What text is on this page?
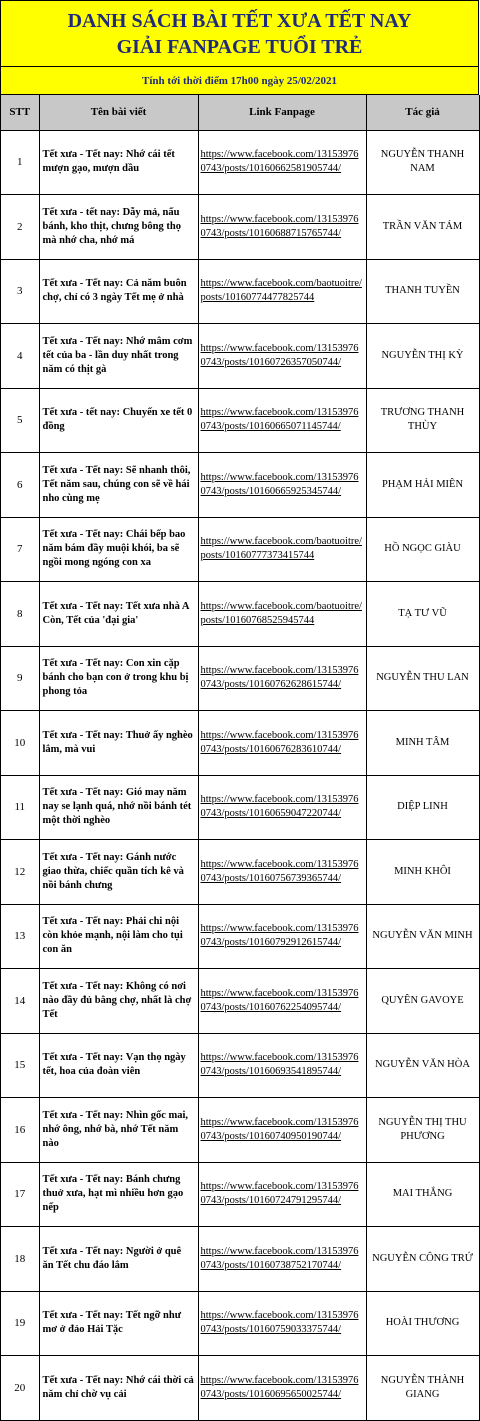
DANH SÁCH BÀI TẾT XƯA TẾT NAY
GIẢI FANPAGE TUỔI TRẺ
Tính tới thời điểm 17h00 ngày 25/02/2021
STT	Tên bài viết	Link Fanpage	Tác giả
1	Tết xưa - Tết nay: Nhớ cái tết mượn gạo, mượn dầu	https://www.facebook.com/131539760743/posts/10160662581905744/	NGUYỄN THANH NAM
2	Tết xưa - tết nay: Dẫy mả, nấu bánh, kho thịt, chưng bông thọ mà nhớ cha, nhớ má	https://www.facebook.com/131539760743/posts/10160688715765744/	TRẦN VĂN TÁM
3	Tết xưa - Tết nay: Cả năm buôn chợ, chỉ có 3 ngày Tết mẹ ở nhà	https://www.facebook.com/baotuoitre/posts/10160774477825744	THANH TUYỀN
4	Tết xưa - Tết nay: Nhớ mâm cơm tết của ba - lần duy nhất trong năm có thịt gà	https://www.facebook.com/131539760743/posts/10160726357050744/	NGUYỄN THỊ KỲ
5	Tết xưa - tết nay: Chuyến xe tết 0 đồng	https://www.facebook.com/131539760743/posts/10160665071145744/	TRƯƠNG THANH THÙY
6	Tết xưa - Tết nay: Sẽ nhanh thôi, Tết năm sau, chúng con sẽ về hái nho cùng mẹ	https://www.facebook.com/131539760743/posts/10160665925345744/	PHẠM HẢI MIÊN
7	Tết xưa - Tết nay: Chái bếp bao năm bám đầy muội khói, ba sẽ ngồi mong ngóng con xa	https://www.facebook.com/baotuoitre/posts/10160777373415744	HỒ NGỌC GIÀU
8	Tết xưa - Tết nay: Tết xưa nhà A Còn, Tết của 'đại gia'	https://www.facebook.com/baotuoitre/posts/10160768525945744	TẠ TƯ VŨ
9	Tết xưa - Tết nay: Con xin cặp bánh cho bạn con ở trong khu bị phong tỏa	https://www.facebook.com/131539760743/posts/10160762628615744/	NGUYỄN THU LAN
10	Tết xưa - Tết nay: Thuở ấy nghèo lắm, mà vui	https://www.facebook.com/131539760743/posts/10160676283610744/	MINH TÂM
11	Tết xưa - Tết nay: Gió may năm nay se lạnh quá, nhớ nồi bánh tét một thời nghèo	https://www.facebook.com/131539760743/posts/10160659047220744/	DIỆP LINH
12	Tết xưa - Tết nay: Gánh nước giao thừa, chiếc quần tích kê và nồi bánh chưng	https://www.facebook.com/131539760743/posts/10160756739365744/	MINH KHÔI
13	Tết xưa - Tết nay: Phải chi nội còn khỏe mạnh, nội làm cho tụi con ăn	https://www.facebook.com/131539760743/posts/10160792912615744/	NGUYỄN VĂN MINH
14	Tết xưa - Tết nay: Không có nơi nào đầy đủ bằng chợ, nhất là chợ Tết	https://www.facebook.com/131539760743/posts/10160762254095744/	QUYÊN GAVOYE
15	Tết xưa - Tết nay: Vạn thọ ngày tết, hoa của đoàn viên	https://www.facebook.com/131539760743/posts/10160693541895744/	NGUYỄN VĂN HÒA
16	Tết xưa - Tết nay: Nhìn gốc mai, nhớ ông, nhớ bà, nhớ Tết năm nào	https://www.facebook.com/131539760743/posts/10160740950190744/	NGUYỄN THỊ THU PHƯƠNG
17	Tết xưa - Tết nay: Bánh chưng thuở xưa, hạt mì nhiều hơn gạo nếp	https://www.facebook.com/131539760743/posts/10160724791295744/	MAI THẮNG
18	Tết xưa - Tết nay: Người ở quê ăn Tết chu đáo lắm	https://www.facebook.com/131539760743/posts/10160738752170744/	NGUYỄN CÔNG TRỨ
19	Tết xưa - Tết nay: Tết ngỡ như mơ ở đảo Hải Tặc	https://www.facebook.com/131539760743/posts/10160759033375744/	HOÀI THƯƠNG
20	Tết xưa - Tết nay: Nhớ cái thời cả năm chỉ chờ vụ cải	https://www.facebook.com/131539760743/posts/10160695650025744/	NGUYỄN THÀNH GIANG
